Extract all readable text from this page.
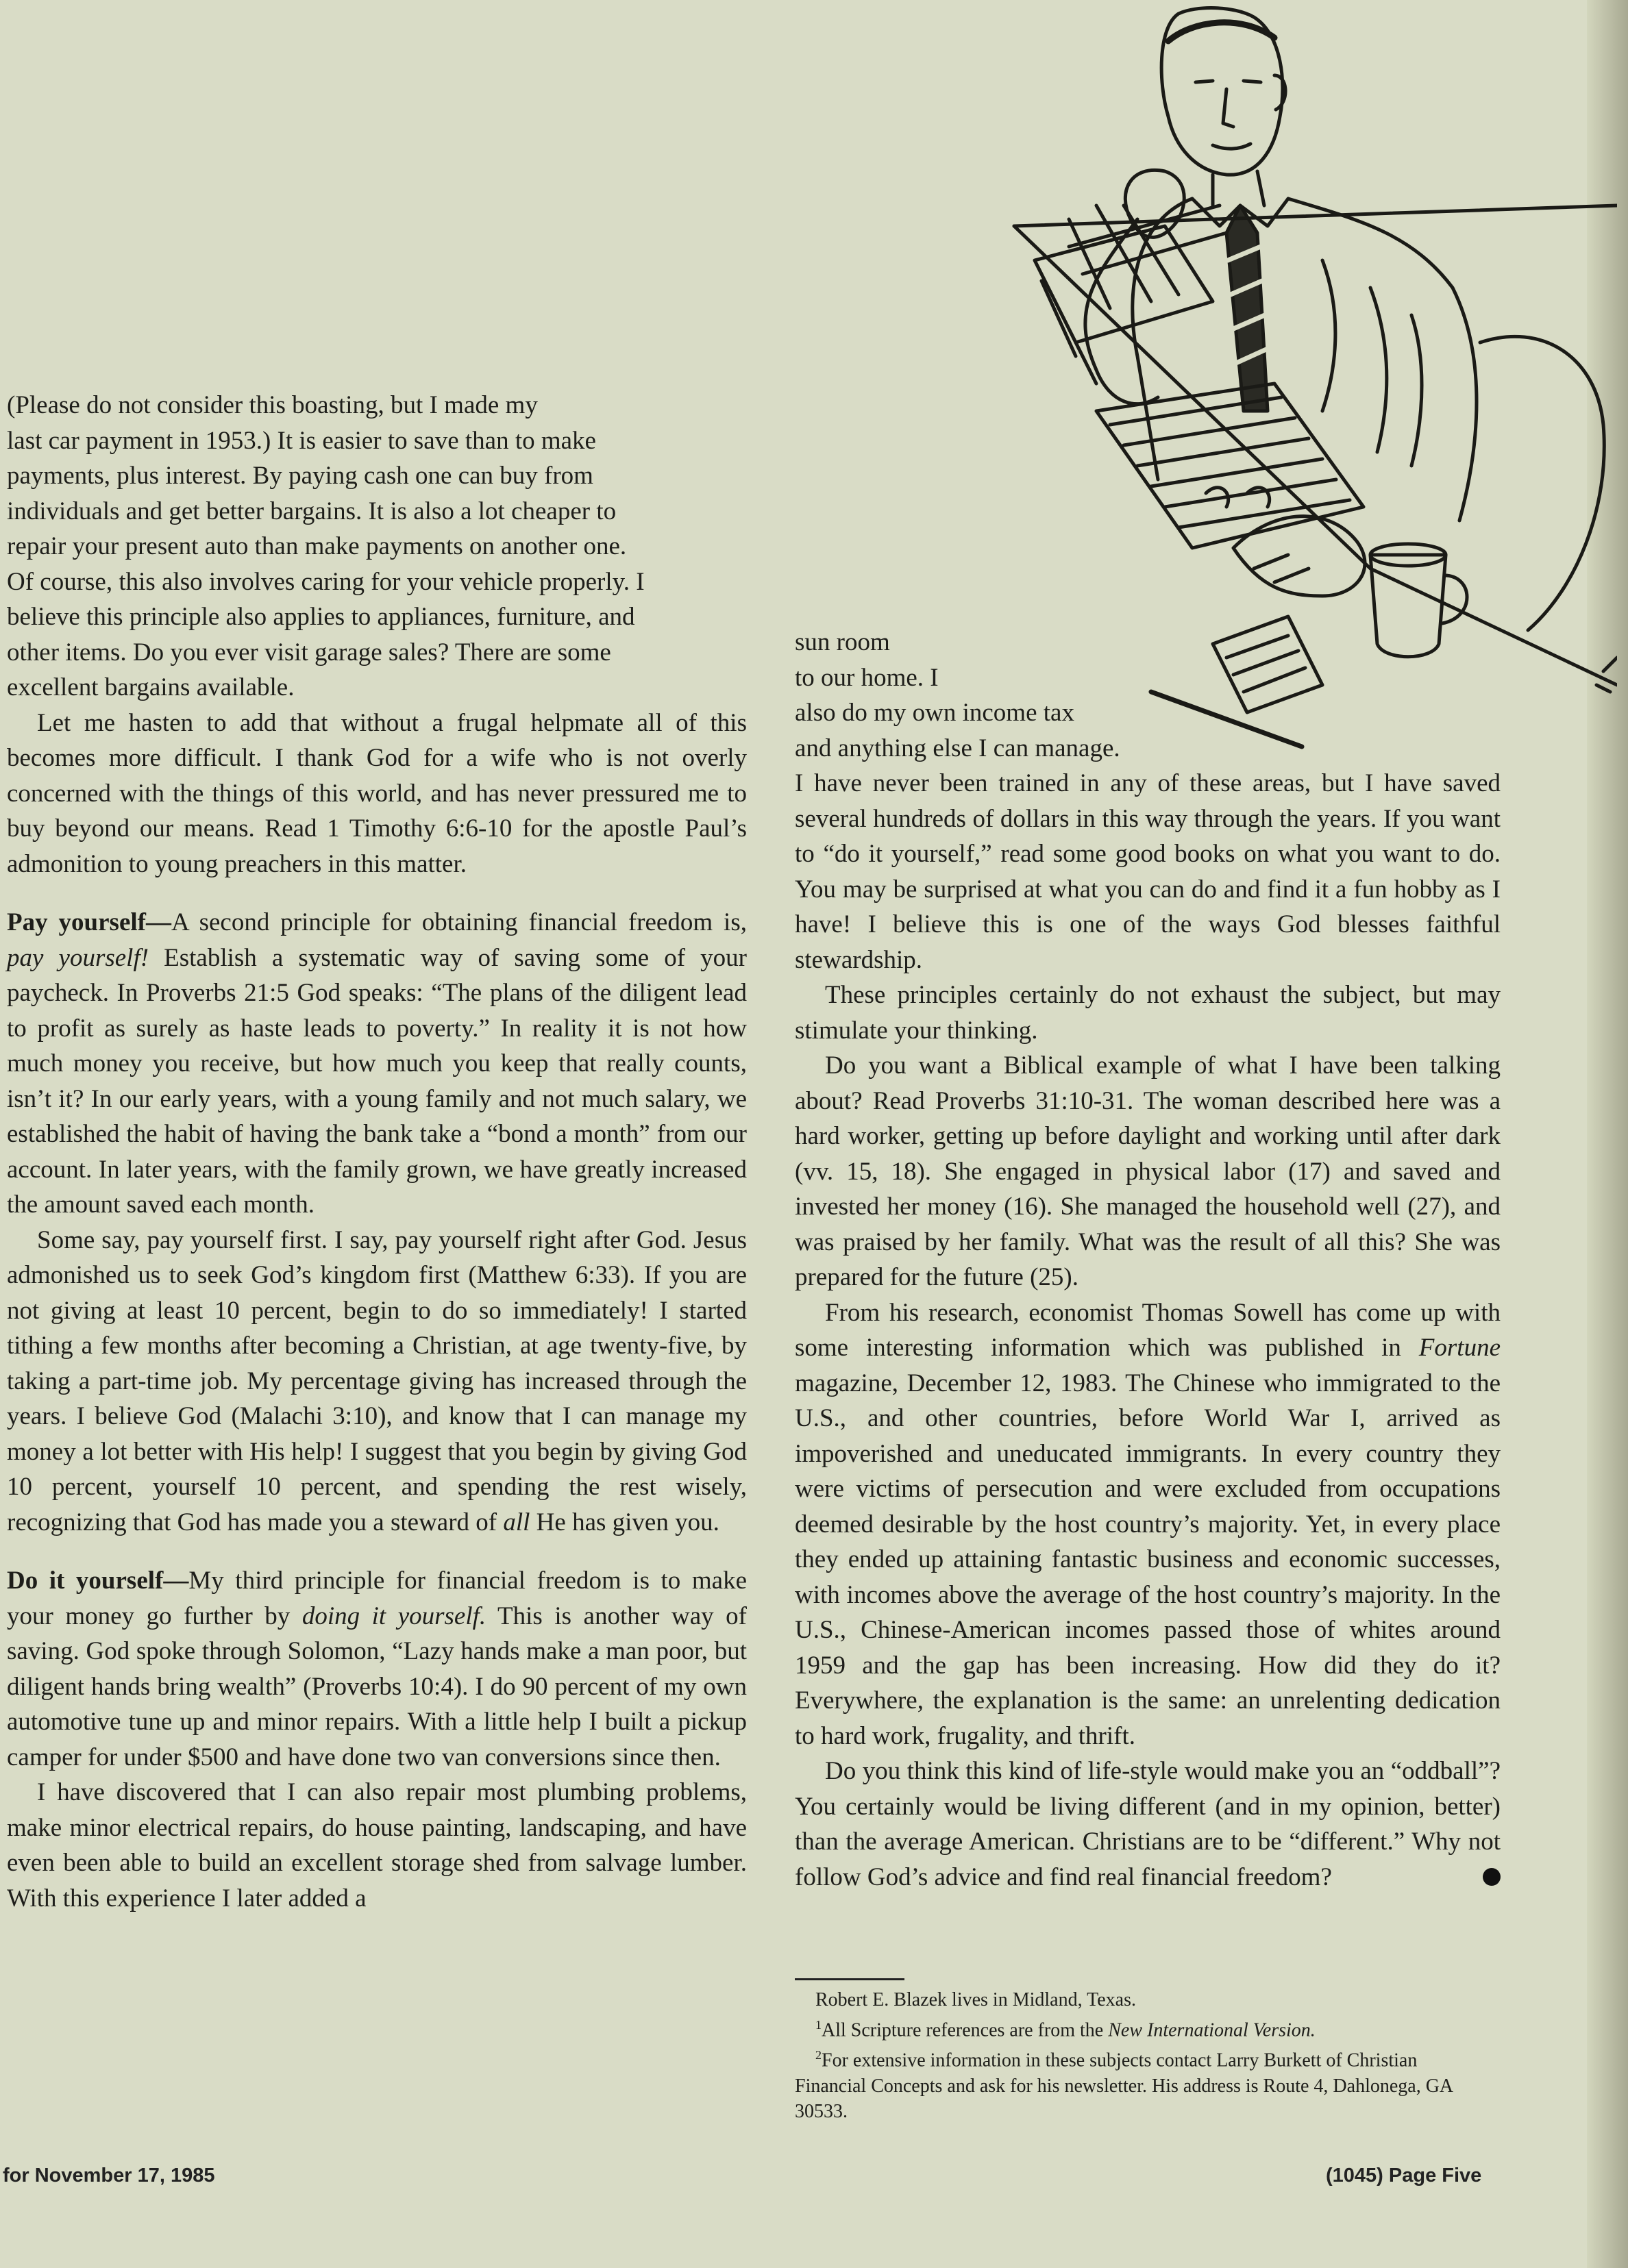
(Please do not consider this boasting, but I made my
last car payment in 1953.) It is easier to save than to make
payments, plus interest. By paying cash one can buy from
individuals and get better bargains. It is also a lot cheaper to
repair your present auto than make payments on another one.
Of course, this also involves caring for your vehicle properly. I
believe this principle also applies to appliances, furniture, and
other items. Do you ever visit garage sales? There are some
excellent bargains available.

Let me hasten to add that without a frugal helpmate all of this becomes more difficult. I thank God for a wife who is not overly concerned with the things of this world, and has never pressured me to buy beyond our means. Read 1 Timothy 6:6-10 for the apostle Paul’s admonition to young preachers in this matter.

Pay yourself—A second principle for obtaining financial freedom is, pay yourself! Establish a systematic way of saving some of your paycheck. In Proverbs 21:5 God speaks: “The plans of the diligent lead to profit as surely as haste leads to poverty.” In reality it is not how much money you receive, but how much you keep that really counts, isn’t it? In our early years, with a young family and not much salary, we established the habit of having the bank take a “bond a month” from our account. In later years, with the family grown, we have greatly increased the amount saved each month.

Some say, pay yourself first. I say, pay yourself right after God. Jesus admonished us to seek God’s kingdom first (Matthew 6:33). If you are not giving at least 10 percent, begin to do so immediately! I started tithing a few months after becoming a Christian, at age twenty-five, by taking a part-time job. My percentage giving has increased through the years. I believe God (Malachi 3:10), and know that I can manage my money a lot better with His help! I suggest that you begin by giving God 10 percent, yourself 10 percent, and spending the rest wisely, recognizing that God has made you a steward of all He has given you.

Do it yourself—My third principle for financial freedom is to make your money go further by doing it yourself. This is another way of saving. God spoke through Solomon, “Lazy hands make a man poor, but diligent hands bring wealth” (Proverbs 10:4). I do 90 percent of my own automotive tune up and minor repairs. With a little help I built a pickup camper for under $500 and have done two van conversions since then.

I have discovered that I can also repair most plumbing problems, make minor electrical repairs, do house painting, landscaping, and have even been able to build an excellent storage shed from salvage lumber. With this experience I later added a

sun room
to our home. I
also do my own income tax
and anything else I can manage.

I have never been trained in any of these areas, but I have saved several hundreds of dollars in this way through the years. If you want to “do it yourself,” read some good books on what you want to do. You may be surprised at what you can do and find it a fun hobby as I have! I believe this is one of the ways God blesses faithful stewardship.

These principles certainly do not exhaust the subject, but may stimulate your thinking.

Do you want a Biblical example of what I have been talking about? Read Proverbs 31:10-31. The woman described here was a hard worker, getting up before daylight and working until after dark (vv. 15, 18). She engaged in physical labor (17) and saved and invested her money (16). She managed the household well (27), and was praised by her family. What was the result of all this? She was prepared for the future (25).

From his research, economist Thomas Sowell has come up with some interesting information which was published in Fortune magazine, December 12, 1983. The Chinese who immigrated to the U.S., and other countries, before World War I, arrived as impoverished and uneducated immigrants. In every country they were victims of persecution and were excluded from occupations deemed desirable by the host country’s majority. Yet, in every place they ended up attaining fantastic business and economic successes, with incomes above the average of the host country’s majority. In the U.S., Chinese-American incomes passed those of whites around 1959 and the gap has been increasing. How did they do it? Everywhere, the explanation is the same: an unrelenting dedication to hard work, frugality, and thrift.

Do you think this kind of life-style would make you an “oddball”? You certainly would be living different (and in my opinion, better) than the average American. Christians are to be “different.” Why not follow God’s advice and find real financial freedom?

Robert E. Blazek lives in Midland, Texas.

$^1$All Scripture references are from the New International Version.

$^2$For extensive information in these subjects contact Larry Burkett of Christian Financial Concepts and ask for his newsletter. His address is Route 4, Dahlonega, GA 30533.

for November 17, 1985	(1045) Page Five
